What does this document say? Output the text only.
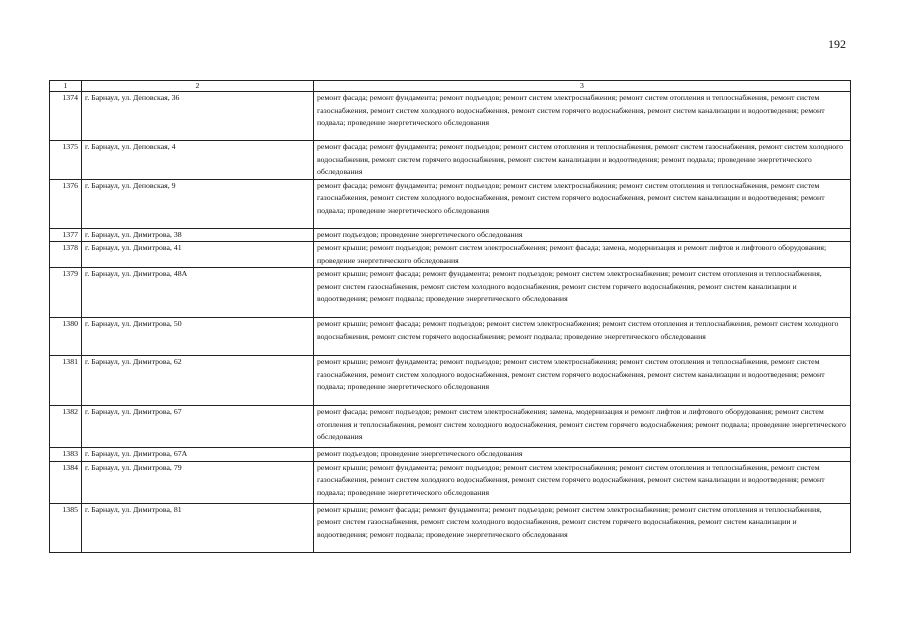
192
1	2	3
1374	г. Барнаул, ул. Деповская, 36	ремонт фасада; ремонт фундамента; ремонт подъездов; ремонт систем электроснабжения; ремонт систем отопления и теплоснабжения, ремонт систем газоснабжения, ремонт систем холодного водоснабжения, ремонт систем горячего водоснабжения, ремонт систем канализации и водоотведения; ремонт подвала; проведение энергетического обследования
1375	г. Барнаул, ул. Деповская, 4	ремонт фасада; ремонт фундамента; ремонт подъездов; ремонт систем отопления и теплоснабжения, ремонт систем газоснабжения, ремонт систем холодного водоснабжения, ремонт систем горячего водоснабжения, ремонт систем канализации и водоотведения; ремонт подвала; проведение энергетического обследования
1376	г. Барнаул, ул. Деповская, 9	ремонт фасада; ремонт фундамента; ремонт подъездов; ремонт систем электроснабжения; ремонт систем отопления и теплоснабжения, ремонт систем газоснабжения, ремонт систем холодного водоснабжения, ремонт систем горячего водоснабжения, ремонт систем канализации и водоотведения; ремонт подвала; проведение энергетического обследования
1377	г. Барнаул, ул. Димитрова, 38	ремонт подъездов; проведение энергетического обследования
1378	г. Барнаул, ул. Димитрова, 41	ремонт крыши; ремонт подъездов; ремонт систем электроснабжения; ремонт фасада; замена, модернизация и ремонт лифтов и лифтового оборудования; проведение энергетического обследования
1379	г. Барнаул, ул. Димитрова, 48А	ремонт крыши; ремонт фасада; ремонт фундамента; ремонт подъездов; ремонт систем электроснабжения; ремонт систем отопления и теплоснабжения, ремонт систем газоснабжения, ремонт систем холодного водоснабжения, ремонт систем горячего водоснабжения, ремонт систем канализации и водоотведения; ремонт подвала; проведение энергетического обследования
1380	г. Барнаул, ул. Димитрова, 50	ремонт крыши; ремонт фасада; ремонт подъездов; ремонт систем электроснабжения; ремонт систем отопления и теплоснабжения, ремонт систем холодного водоснабжения, ремонт систем горячего водоснабжения; ремонт подвала; проведение энергетического обследования
1381	г. Барнаул, ул. Димитрова, 62	ремонт крыши; ремонт фундамента; ремонт подъездов; ремонт систем электроснабжения; ремонт систем отопления и теплоснабжения, ремонт систем газоснабжения, ремонт систем холодного водоснабжения, ремонт систем горячего водоснабжения, ремонт систем канализации и водоотведения; ремонт подвала; проведение энергетического обследования
1382	г. Барнаул, ул. Димитрова, 67	ремонт фасада; ремонт подъездов; ремонт систем электроснабжения; замена, модернизация и ремонт лифтов и лифтового оборудования; ремонт систем отопления и теплоснабжения, ремонт систем холодного водоснабжения, ремонт систем горячего водоснабжения; ремонт подвала; проведение энергетического обследования
1383	г. Барнаул, ул. Димитрова, 67А	ремонт подъездов; проведение энергетического обследования
1384	г. Барнаул, ул. Димитрова, 79	ремонт крыши; ремонт фундамента; ремонт подъездов; ремонт систем электроснабжения; ремонт систем отопления и теплоснабжения, ремонт систем газоснабжения, ремонт систем холодного водоснабжения, ремонт систем горячего водоснабжения, ремонт систем канализации и водоотведения; ремонт подвала; проведение энергетического обследования
1385	г. Барнаул, ул. Димитрова, 81	ремонт крыши; ремонт фасада; ремонт фундамента; ремонт подъездов; ремонт систем электроснабжения; ремонт систем отопления и теплоснабжения, ремонт систем газоснабжения, ремонт систем холодного водоснабжения, ремонт систем горячего водоснабжения, ремонт систем канализации и водоотведения; ремонт подвала; проведение энергетического обследования
